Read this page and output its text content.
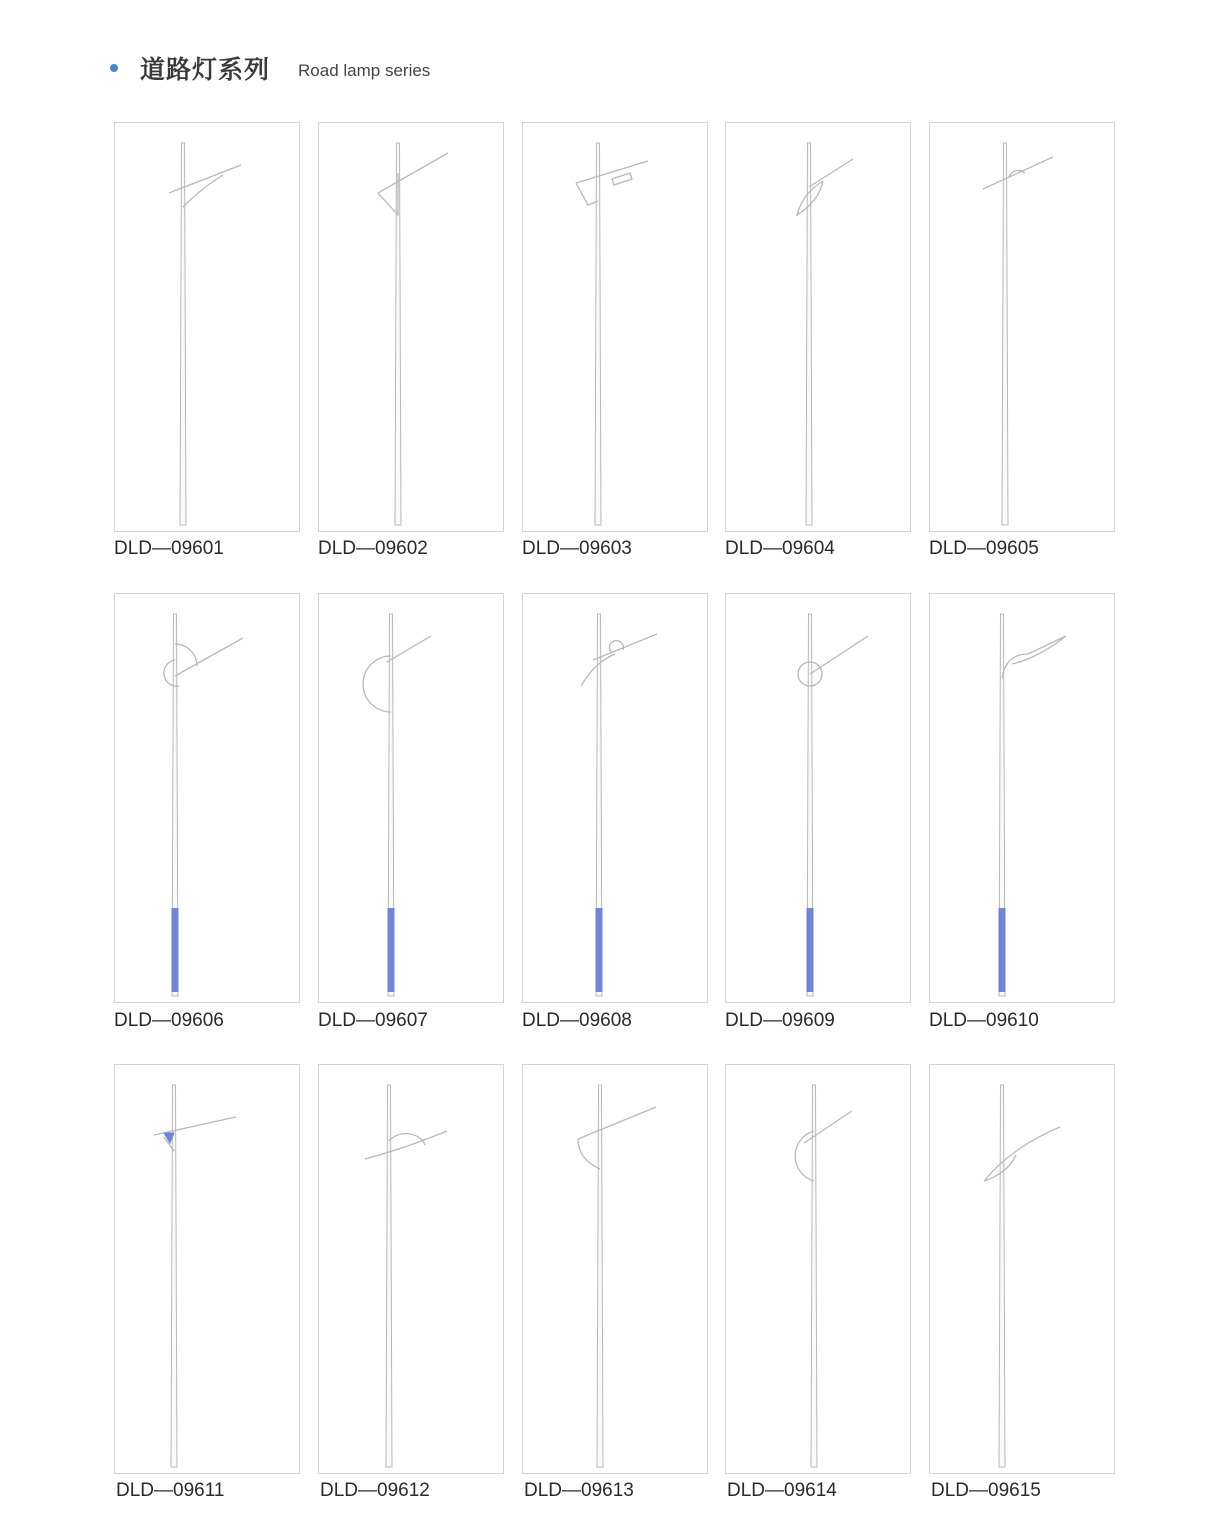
道路灯系列 Road lamp series
DLD—09601	DLD—09602	DLD—09603	DLD—09604	DLD—09605
DLD—09606	DLD—09607	DLD—09608	DLD—09609	DLD—09610
DLD—09611	DLD—09612	DLD—09613	DLD—09614	DLD—09615
